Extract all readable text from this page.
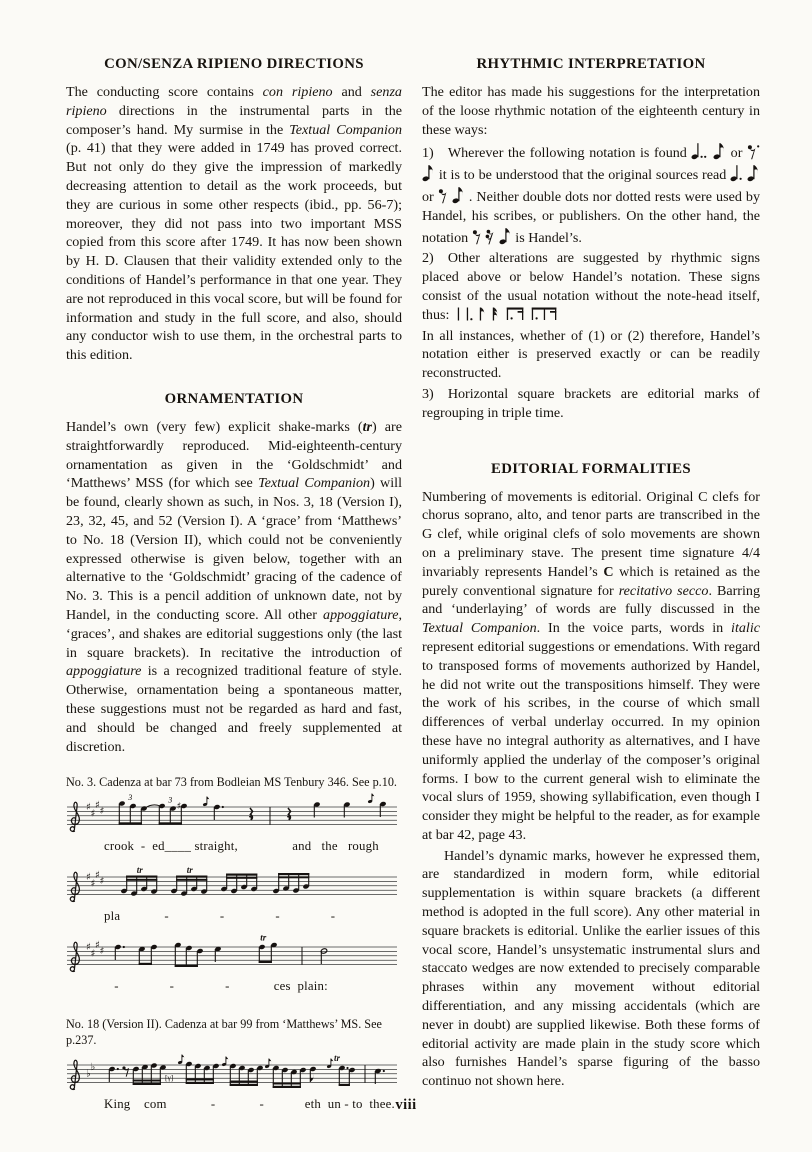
CON/SENZA RIPIENO DIRECTIONS

The conducting score contains con ripieno and senza ripieno directions in the instrumental parts in the composer’s hand. My surmise in the Textual Companion (p. 41) that they were added in 1749 has proved correct. But not only do they give the impression of markedly decreasing attention to detail as the work proceeds, but they are curious in some other respects (ibid., pp. 56-7); moreover, they did not pass into two important MSS copied from this score after 1749. It has now been shown by H. D. Clausen that their validity extended only to the conditions of Handel’s performance in that one year. They are not reproduced in this vocal score, but will be found for information and study in the full score, and also, should any conductor wish to use them, in the orchestral parts to this edition.

ORNAMENTATION

Handel’s own (very few) explicit shake-marks (tr) are straightforwardly reproduced. Mid-eighteenth-century ornamentation as given in the ‘Goldschmidt’ and ‘Matthews’ MSS (for which see Textual Companion) will be found, clearly shown as such, in Nos. 3, 18 (Version I), 23, 32, 45, and 52 (Version I). A ‘grace’ from ‘Matthews’ to No. 18 (Version II), which could not be conveniently expressed otherwise is given below, together with an alternative to the ‘Goldschmidt’ gracing of the cadence of No. 3. This is a pencil addition of unknown date, not by Handel, in the conducting score. All other appoggiature, ‘graces’, and shakes are editorial suggestions only (the last in square brackets). In recitative the introduction of appoggiature is a recognized traditional feature of style. Otherwise, ornamentation being a spontaneous matter, these suggestions must not be regarded as hard and fast, and should be changed and freely supplemented at discretion.

No. 3. Cadenza at bar 73 from Bodleian MS Tenbury 346. See p.10.
♯
♯
♯
♯
3	3
♯
crook  -  ed____ straight,                and   the   rough
♯
♯
♯
♯
tr	tr
pla             -               -               -               -
♯
♯
♯
♯
tr
-               -               -             ces  plain:
No. 18 (Version II). Cadenza at bar 99 from ‘Matthews’ MS. See p.237.
♭
♭
[γ]
tr
King    com             -             -            eth  un - to  thee.
RHYTHMIC INTERPRETATION

The editor has made his suggestions for the interpretation of the loose rhythmic notation of the eighteenth century in these ways:

1)  Wherever the following notation is found   or   it is to be understood that the original sources read   or   . Neither double dots nor dotted rests were used by Handel, his scribes, or publishers. On the other hand, the notation	is Handel’s.

2)  Other alterations are suggested by rhythmic signs placed above or below Handel’s notation. These signs consist of the usual notation without the note-head itself, thus: 

In all instances, whether of (1) or (2) therefore, Handel’s notation either is preserved exactly or can be readily reconstructed.

3)  Horizontal square brackets are editorial marks of regrouping in triple time.

EDITORIAL FORMALITIES

Numbering of movements is editorial. Original C clefs for chorus soprano, alto, and tenor parts are transcribed in the G clef, while original clefs of solo movements are shown on a preliminary stave. The present time signature 4/4 invariably represents Handel’s C which is retained as the purely conventional signature for recitativo secco. Barring and ‘underlaying’ of words are fully discussed in the Textual Companion. In the voice parts, words in italic represent editorial suggestions or emendations. With regard to transposed forms of movements authorized by Handel, he did not write out the transpositions himself. They were the work of his scribes, in the course of which small differences of verbal underlay occurred. In my opinion these have no integral authority as alternatives, and I have uniformly applied the underlay of the composer’s original forms. I bow to the current general wish to eliminate the vocal slurs of 1959, showing syllabification, even though I consider they might be helpful to the reader, as for example at bar 42, page 43.

Handel’s dynamic marks, however he expressed them, are standardized in modern form, while editorial supplementation is within square brackets (a different method is adopted in the full score). Any other material in square brackets is editorial. Unlike the earlier issues of this vocal score, Handel’s unsystematic instrumental slurs and staccato wedges are now extended to precisely comparable phrases within any movement without editorial differentiation, and any missing accidentals (which are never in doubt) are supplied likewise. Both these forms of editorial activity are made plain in the study score which also furnishes Handel’s sparse figuring of the basso continuo not shown here.

viii
